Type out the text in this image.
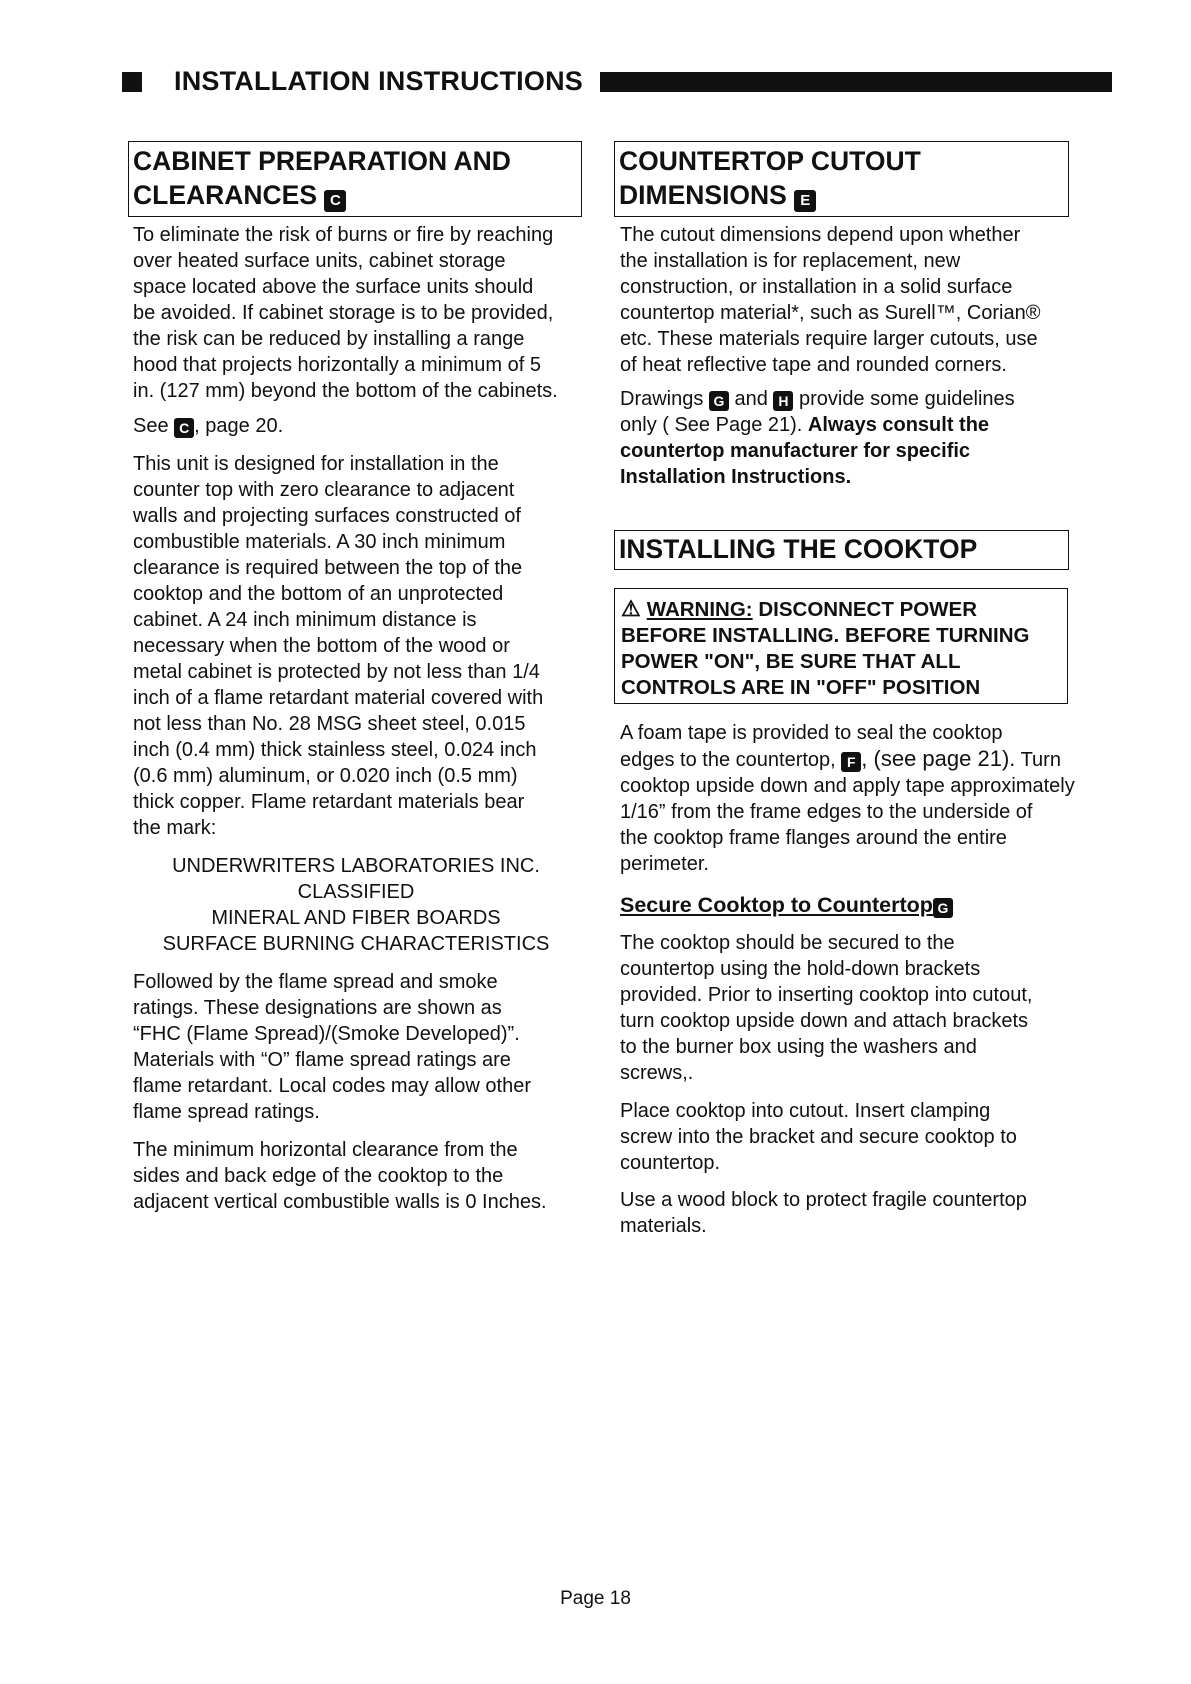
INSTALLATION INSTRUCTIONS
CABINET PREPARATION AND
CLEARANCES C

To eliminate the risk of burns or fire by reaching
over heated surface units, cabinet storage
space located above the surface units should
be avoided. If cabinet storage is to be provided,
the risk can be reduced by installing a range
hood that projects horizontally a minimum of 5
in. (127 mm) beyond the bottom of the cabinets.

See C , page 20.

This unit is designed for installation in the
counter top with zero clearance to adjacent
walls and projecting surfaces constructed of
combustible materials. A 30 inch minimum
clearance is required between the top of the
cooktop and the bottom of an unprotected
cabinet. A 24 inch minimum distance is
necessary when the bottom of the wood or
metal cabinet is protected by not less than 1/4
inch of a flame retardant material covered with
not less than No. 28 MSG sheet steel, 0.015
inch (0.4 mm) thick stainless steel, 0.024 inch
(0.6 mm) aluminum, or 0.020 inch (0.5 mm)
thick copper. Flame retardant materials bear
the mark:

UNDERWRITERS LABORATORIES INC.
CLASSIFIED
MINERAL AND FIBER BOARDS
SURFACE BURNING CHARACTERISTICS

Followed by the flame spread and smoke
ratings. These designations are shown as
“FHC (Flame Spread)/(Smoke Developed)”.
Materials with “O” flame spread ratings are
flame retardant. Local codes may allow other
flame spread ratings.

The minimum horizontal clearance from the
sides and back edge of the cooktop to the
adjacent vertical combustible walls is 0 Inches.

COUNTERTOP CUTOUT
DIMENSIONS E

The cutout dimensions depend upon whether
the installation is for replacement, new
construction, or installation in a solid surface
countertop material*, such as Surell™, Corian®
etc. These materials require larger cutouts, use
of heat reflective tape and rounded corners.

Drawings G and H provide some guidelines
only ( See Page 21). Always consult the
countertop manufacturer for specific
Installation Instructions.

INSTALLING THE COOKTOP
⚠ WARNING: DISCONNECT POWER
BEFORE INSTALLING. BEFORE TURNING
POWER "ON", BE SURE THAT ALL
CONTROLS ARE IN "OFF" POSITION

A foam tape is provided to seal the cooktop
edges to the countertop, F , (see page 21). Turn
cooktop upside down and apply tape approximately
1/16” from the frame edges to the underside of
the cooktop frame flanges around the entire
perimeter.

Secure Cooktop to Countertop G

The cooktop should be secured to the
countertop using the hold-down brackets
provided. Prior to inserting cooktop into cutout,
turn cooktop upside down and attach brackets
to the burner box using the washers and
screws,.

Place cooktop into cutout. Insert clamping
screw into the bracket and secure cooktop to
countertop.

Use a wood block to protect fragile countertop
materials.

Page 18
